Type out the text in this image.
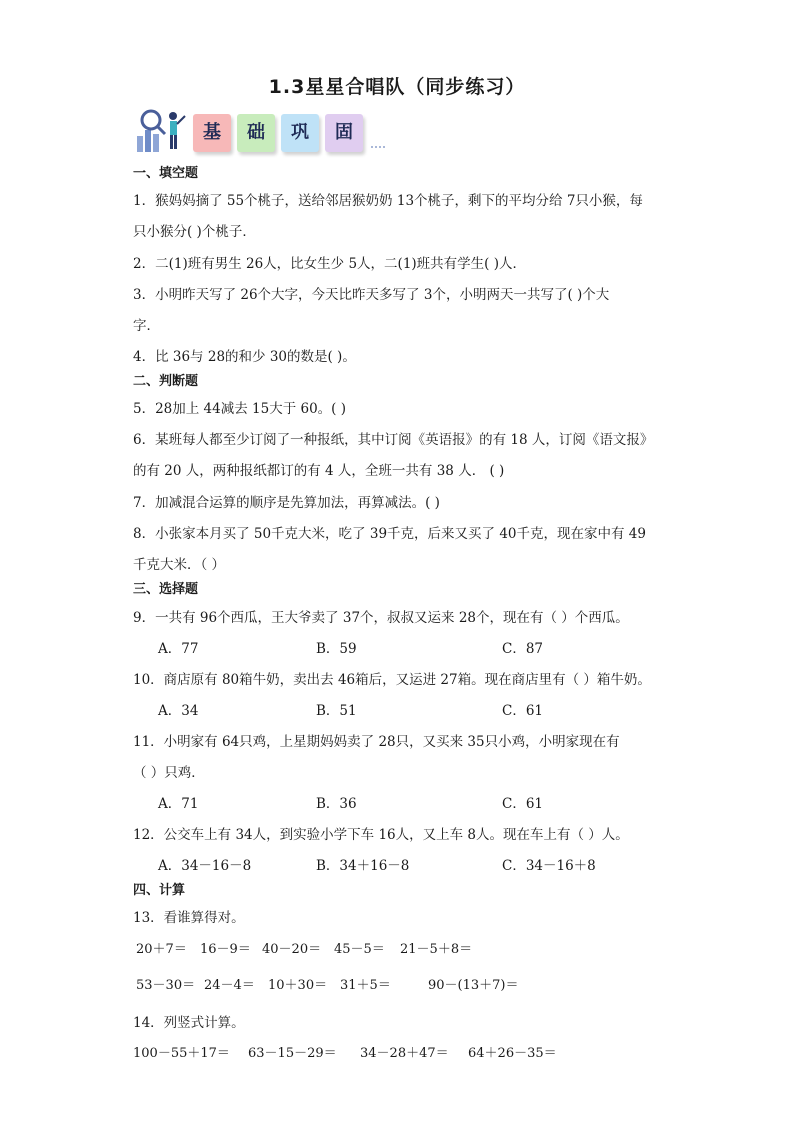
1.3星星合唱队（同步练习）
基	础	巩	固
一、填空题
1．猴妈妈摘了 55个桃子，送给邻居猴奶奶 13个桃子，剩下的平均分给 7只小猴，每
只小猴分( )个桃子．
2．二(1)班有男生 26人，比女生少 5人，二(1)班共有学生( )人．
3．小明昨天写了 26个大字，今天比昨天多写了 3个，小明两天一共写了( )个大
字．
4．比 36与 28的和少 30的数是( )。
二、判断题
5．28加上 44减去 15大于 60。( )
6．某班每人都至少订阅了一种报纸，其中订阅《英语报》的有 18 人，订阅《语文报》
的有 20 人，两种报纸都订的有 4 人，全班一共有 38 人． ( )
7．加减混合运算的顺序是先算加法，再算减法。( )
8．小张家本月买了 50千克大米，吃了 39千克，后来又买了 40千克，现在家中有 49
千克大米．（ ）
三、选择题
9．一共有 96个西瓜，王大爷卖了 37个，叔叔又运来 28个，现在有（ ）个西瓜。
A．77	B．59	C．87
10．商店原有 80箱牛奶，卖出去 46箱后，又运进 27箱。现在商店里有（ ）箱牛奶。
A．34	B．51	C．61
11．小明家有 64只鸡，上星期妈妈卖了 28只，又买来 35只小鸡，小明家现在有
（ ）只鸡．
A．71	B．36	C．61
12．公交车上有 34人，到实验小学下车 16人，又上车 8人。现在车上有（ ）人。
A．34－16－8	B．34＋16－8	C．34－16＋8
四、计算
13．看谁算得对。
20＋7＝ 16－9＝ 40－20＝ 45－5＝ 21－5＋8＝
53－30＝ 24－4＝ 10＋30＝ 31＋5＝	90－(13＋7)＝
14．列竖式计算。
100－55＋17＝ 63－15－29＝ 34－28＋47＝ 64＋26－35＝
